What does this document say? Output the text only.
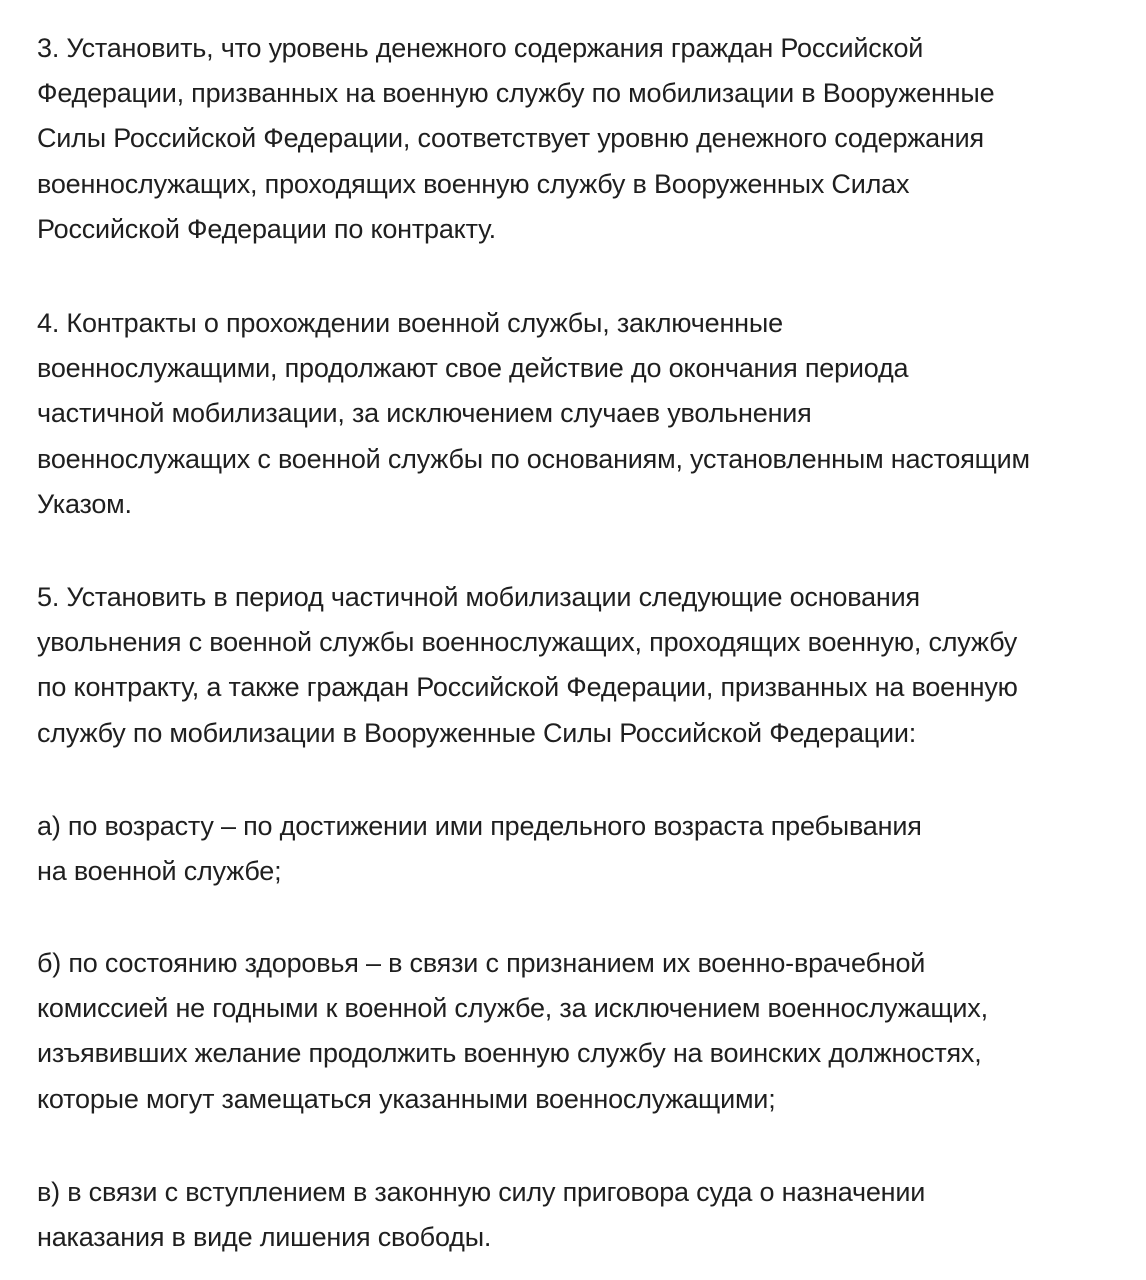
3. Установить, что уровень денежного содержания граждан Российской
Федерации, призванных на военную службу по мобилизации в Вооруженные
Силы Российской Федерации, соответствует уровню денежного содержания
военнослужащих, проходящих военную службу в Вооруженных Силах
Российской Федерации по контракту.

4. Контракты о прохождении военной службы, заключенные
военнослужащими, продолжают свое действие до окончания периода
частичной мобилизации, за исключением случаев увольнения
военнослужащих с военной службы по основаниям, установленным настоящим
Указом.

5. Установить в период частичной мобилизации следующие основания
увольнения с военной службы военнослужащих, проходящих военную, службу
по контракту, а также граждан Российской Федерации, призванных на военную
службу по мобилизации в Вооруженные Силы Российской Федерации:

а) по возрасту – по достижении ими предельного возраста пребывания
на военной службе;

б) по состоянию здоровья – в связи с признанием их военно-врачебной
комиссией не годными к военной службе, за исключением военнослужащих,
изъявивших желание продолжить военную службу на воинских должностях,
которые могут замещаться указанными военнослужащими;

в) в связи с вступлением в законную силу приговора суда о назначении
наказания в виде лишения свободы.
